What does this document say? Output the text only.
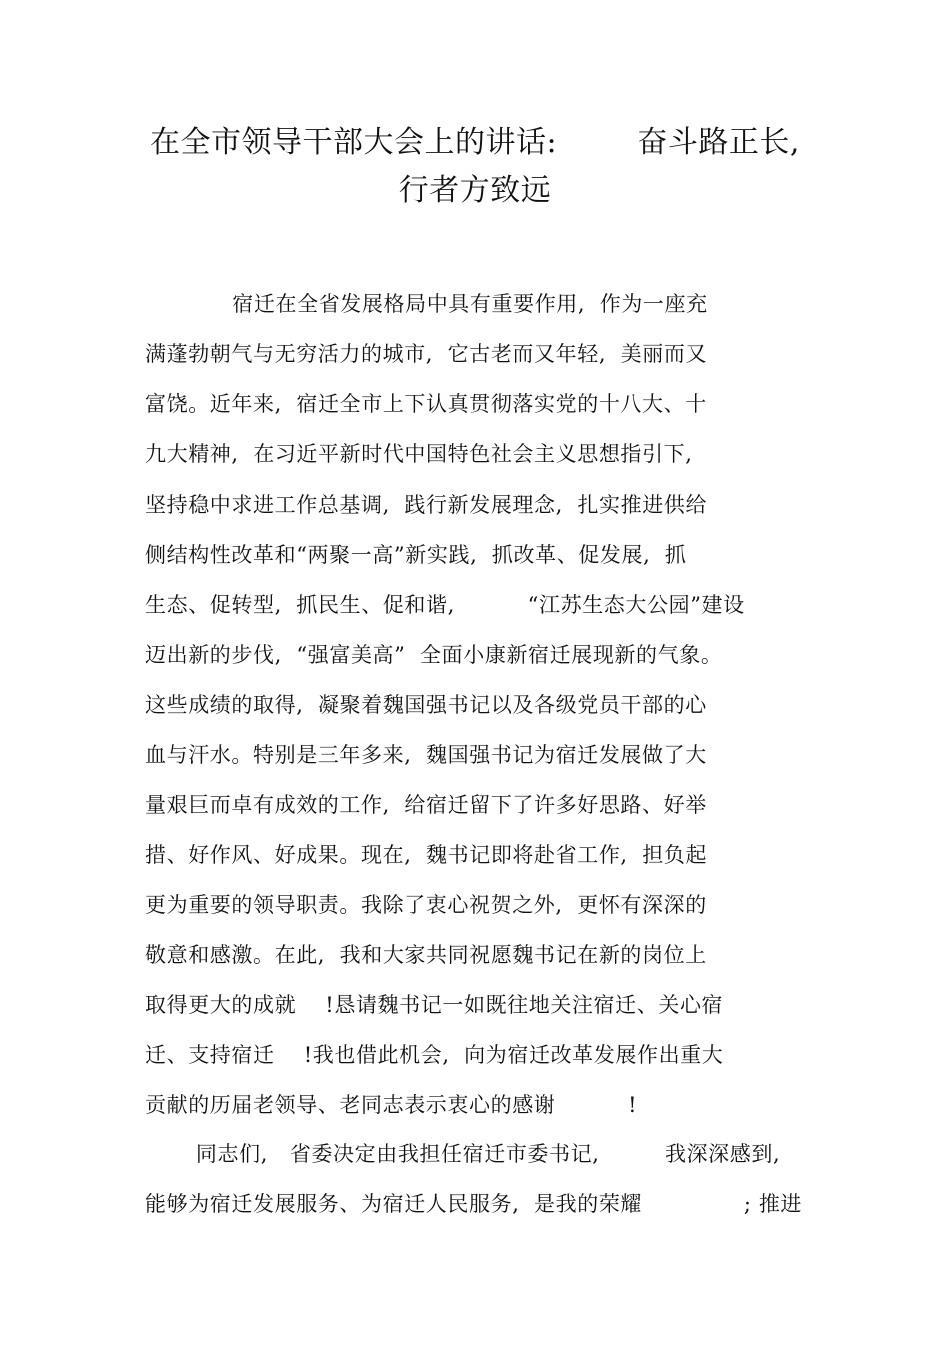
在全市领导干部大会上的讲话:        奋斗路正长,
行者方致远
宿迁在全省发展格局中具有重要作用,  作为一座充
满蓬勃朝气与无穷活力的城市,  它古老而又年轻,  美丽而又
富饶。近年来,  宿迁全市上下认真贯彻落实党的十八大、十
九大精神,  在习近平新时代中国特色社会主义思想指引下,
坚持稳中求进工作总基调,  践行新发展理念,  扎实推进供给
侧结构性改革和“两聚一高”新实践,  抓改革、促发展,  抓
生态、促转型,  抓民生、促和谐,          “江苏生态大公园”建设
迈出新的步伐,  “强富美高”  全面小康新宿迁展现新的气象。
这些成绩的取得,  凝聚着魏国强书记以及各级党员干部的心
血与汗水。特别是三年多来,  魏国强书记为宿迁发展做了大
量艰巨而卓有成效的工作,  给宿迁留下了许多好思路、好举
措、好作风、好成果。现在,  魏书记即将赴省工作,  担负起
更为重要的领导职责。我除了衷心祝贺之外,  更怀有深深的
敬意和感激。在此,  我和大家共同祝愿魏书记在新的岗位上
取得更大的成就    !恳请魏书记一如既往地关注宿迁、关心宿
迁、支持宿迁    !我也借此机会,  向为宿迁改革发展作出重大
贡献的历届老领导、老同志表示衷心的感谢          !
同志们,   省委决定由我担任宿迁市委书记,         我深深感到,
能够为宿迁发展服务、为宿迁人民服务,  是我的荣耀              ; 推进
